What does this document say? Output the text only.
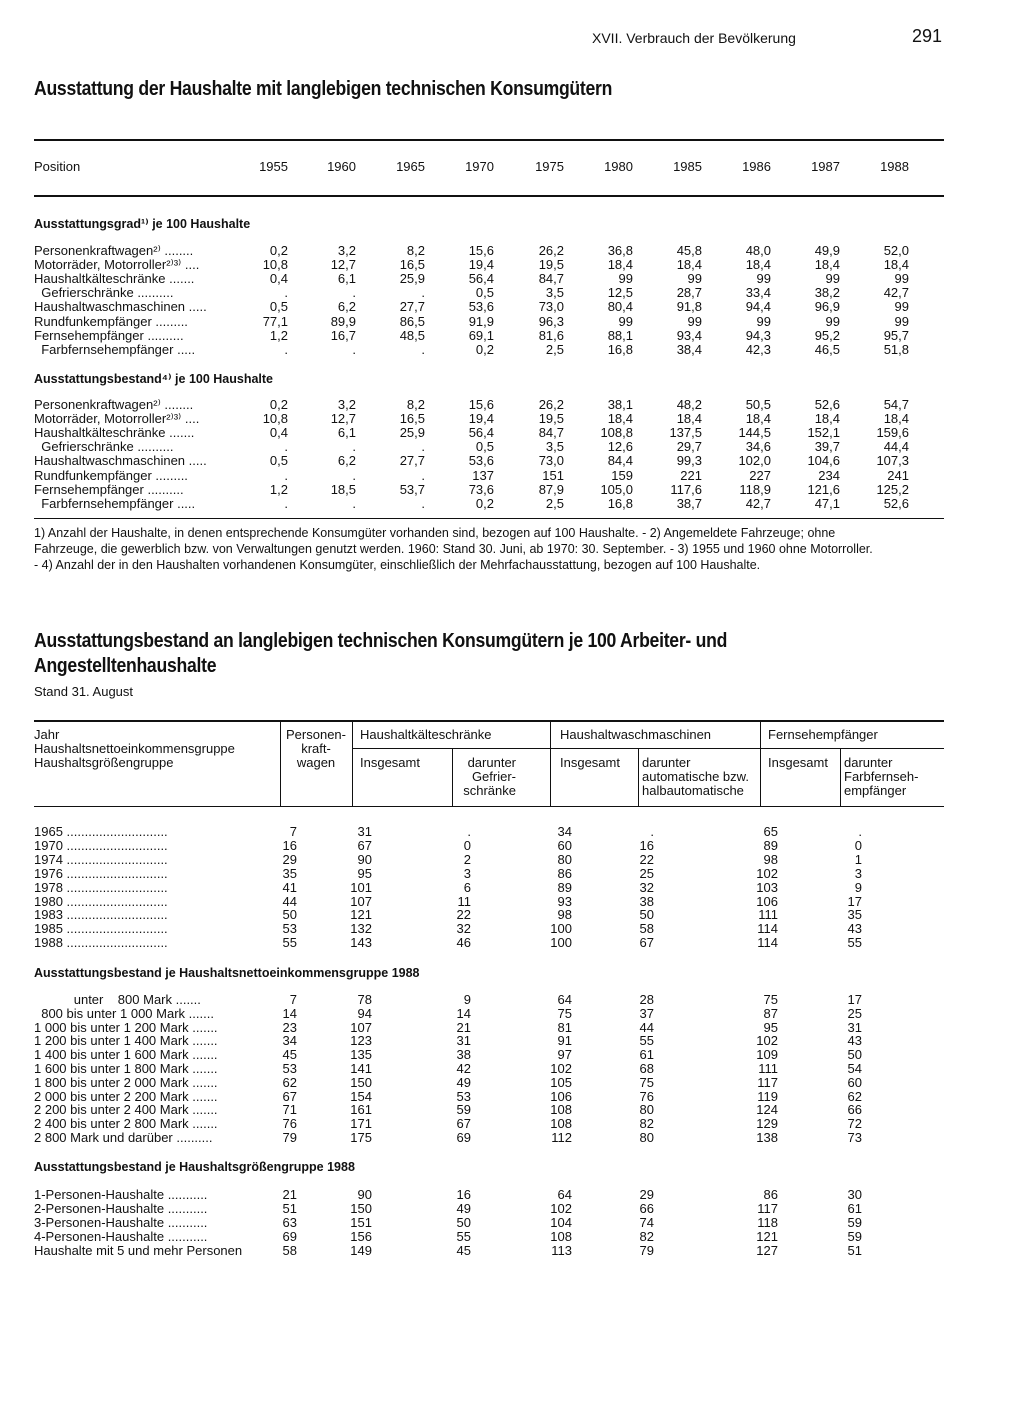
XVII. Verbrauch der Bevölkerung	291
Ausstattung der Haushalte mit langlebigen technischen Konsumgütern
Position	1955	1960	1965	1970	1975	1980	1985	1986	1987	1988
Ausstattungsgrad¹⁾ je 100 Haushalte
Personenkraftwagen²⁾ ........	0,2	3,2	8,2	15,6	26,2	36,8	45,8	48,0	49,9	52,0
Motorräder, Motorroller²⁾³⁾ ....	10,8	12,7	16,5	19,4	19,5	18,4	18,4	18,4	18,4	18,4
Haushaltkälteschränke .......	0,4	6,1	25,9	56,4	84,7	99	99	99	99	99
Gefrierschränke ..........	.	.	.	0,5	3,5	12,5	28,7	33,4	38,2	42,7
Haushaltwaschmaschinen .....	0,5	6,2	27,7	53,6	73,0	80,4	91,8	94,4	96,9	99
Rundfunkempfänger .........	77,1	89,9	86,5	91,9	96,3	99	99	99	99	99
Fernsehempfänger ..........	1,2	16,7	48,5	69,1	81,6	88,1	93,4	94,3	95,2	95,7
Farbfernsehempfänger .....	.	.	.	0,2	2,5	16,8	38,4	42,3	46,5	51,8
Ausstattungsbestand⁴⁾ je 100 Haushalte
Personenkraftwagen²⁾ ........	0,2	3,2	8,2	15,6	26,2	38,1	48,2	50,5	52,6	54,7
Motorräder, Motorroller²⁾³⁾ ....	10,8	12,7	16,5	19,4	19,5	18,4	18,4	18,4	18,4	18,4
Haushaltkälteschränke .......	0,4	6,1	25,9	56,4	84,7	108,8	137,5	144,5	152,1	159,6
Gefrierschränke ..........	.	.	.	0,5	3,5	12,6	29,7	34,6	39,7	44,4
Haushaltwaschmaschinen .....	0,5	6,2	27,7	53,6	73,0	84,4	99,3	102,0	104,6	107,3
Rundfunkempfänger .........	.	.	.	137	151	159	221	227	234	241
Fernsehempfänger ..........	1,2	18,5	53,7	73,6	87,9	105,0	117,6	118,9	121,6	125,2
Farbfernsehempfänger .....	.	.	.	0,2	2,5	16,8	38,7	42,7	47,1	52,6
1) Anzahl der Haushalte, in denen entsprechende Konsumgüter vorhanden sind, bezogen auf 100 Haushalte. - 2) Angemeldete Fahrzeuge; ohne
Fahrzeuge, die gewerblich bzw. von Verwaltungen genutzt werden. 1960: Stand 30. Juni, ab 1970: 30. September. - 3) 1955 und 1960 ohne Motorroller.
- 4) Anzahl der in den Haushalten vorhandenen Konsumgüter, einschließlich der Mehrfachausstattung, bezogen auf 100 Haushalte.
Ausstattungsbestand an langlebigen technischen Konsumgütern je 100 Arbeiter- und
Angestelltenhaushalte
Stand 31. August
Jahr
Haushaltsnettoeinkommensgruppe
Haushaltsgrößengruppe
Personen-
kraft-
wagen
Haushaltkälteschränke	Haushaltwaschmaschinen	Fernsehempfänger
Insgesamt	darunter
Gefrier-
schränke
Insgesamt darunter
automatische bzw.
halbautomatische
Insgesamt darunter
Farbfernseh-
empfänger
1965 ............................	7	31	.	34	.	65	.
1970 ............................	16	67	0	60	16	89	0
1974 ............................	29	90	2	80	22	98	1
1976 ............................	35	95	3	86	25	102	3
1978 ............................	41	101	6	89	32	103	9
1980 ............................	44	107	11	93	38	106	17
1983 ............................	50	121	22	98	50	111	35
1985 ............................	53	132	32	100	58	114	43
1988 ............................	55	143	46	100	67	114	55
Ausstattungsbestand je Haushaltsnettoeinkommensgruppe 1988
unter    800 Mark .......	7	78	9	64	28	75	17
800 bis unter 1 000 Mark .......	14	94	14	75	37	87	25
1 000 bis unter 1 200 Mark .......	23	107	21	81	44	95	31
1 200 bis unter 1 400 Mark .......	34	123	31	91	55	102	43
1 400 bis unter 1 600 Mark .......	45	135	38	97	61	109	50
1 600 bis unter 1 800 Mark .......	53	141	42	102	68	111	54
1 800 bis unter 2 000 Mark .......	62	150	49	105	75	117	60
2 000 bis unter 2 200 Mark .......	67	154	53	106	76	119	62
2 200 bis unter 2 400 Mark .......	71	161	59	108	80	124	66
2 400 bis unter 2 800 Mark .......	76	171	67	108	82	129	72
2 800 Mark und darüber ..........	79	175	69	112	80	138	73
Ausstattungsbestand je Haushaltsgrößengruppe 1988
1-Personen-Haushalte ...........	21	90	16	64	29	86	30
2-Personen-Haushalte ...........	51	150	49	102	66	117	61
3-Personen-Haushalte ...........	63	151	50	104	74	118	59
4-Personen-Haushalte ...........	69	156	55	108	82	121	59
Haushalte mit 5 und mehr Personen	58	149	45	113	79	127	51
